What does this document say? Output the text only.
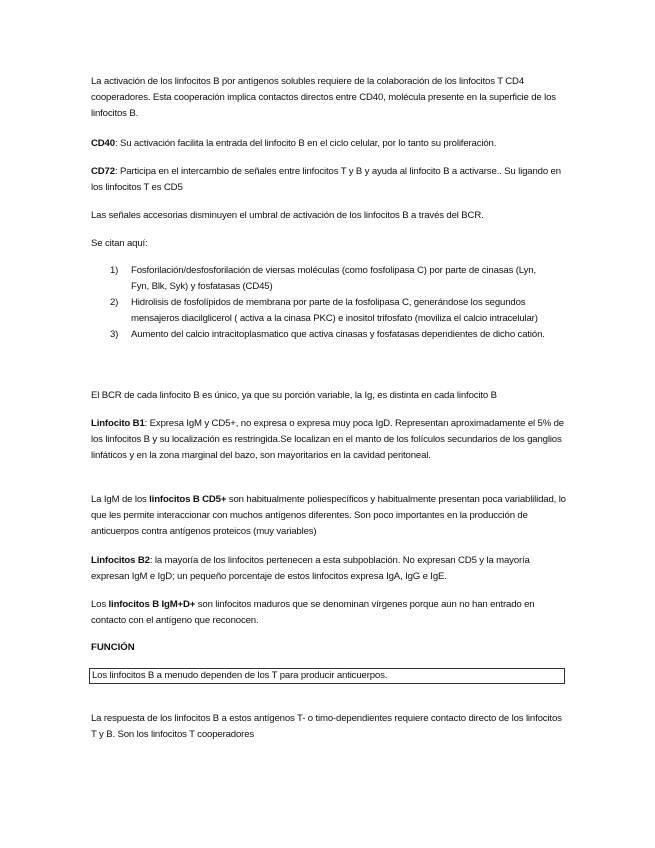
La activación de los linfocitos B por antígenos solubles requiere de la colaboración de los linfocitos T CD4 cooperadores. Esta cooperación implica contactos directos entre CD40, molécula presente en la superficie de los linfocitos B.

CD40: Su activación facilita la entrada del linfocito B en el ciclo celular, por lo tanto su proliferación.

CD72: Participa en el intercambio de señales entre linfocitos T y B y ayuda al linfocito B a activarse.. Su ligando en los linfocitos T es CD5

Las señales accesorias disminuyen el umbral de activación de los linfocitos B a través del BCR.

Se citan aquí:

1) Fosforilación/desfosforilación de viersas moléculas (como fosfolipasa C) por parte de cinasas (Lyn, Fyn, Blk, Syk) y fosfatasas (CD45)
2) Hidrolisis de fosfolípidos de membrana por parte de la fosfolipasa C, generándose los segundos mensajeros diacilglicerol ( activa a la cinasa PKC) e inositol trifosfato (moviliza el calcio intracelular)
3) Aumento del calcio intracitoplasmatico que activa cinasas y fosfatasas dependientes de dicho catión.

El BCR de cada linfocito B es único, ya que su porción variable, la Ig, es distinta en cada linfocito B

Linfocito B1: Expresa IgM y CD5+, no expresa o expresa muy poca IgD. Representan aproximadamente el 5% de los linfocitos B y su localización es restringida.Se localizan en el manto de los folículos secundarios de los ganglios linfáticos y en la zona marginal del bazo, son mayoritarios en la cavidad peritoneal.

La IgM de los linfocitos B CD5+ son habitualmente poliespecíficos y habitualmente presentan poca variablilidad, lo que les permite interaccionar con muchos antígenos diferentes. Son poco importantes en la producción de anticuerpos contra antígenos proteicos (muy variables)

Linfocitos B2: la mayoría de los linfocitos pertenecen a esta subpoblación. No expresan CD5 y la mayoría expresan IgM e IgD; un pequeño porcentaje de estos linfocitos expresa IgA, IgG e IgE.

Los linfocitos B IgM+D+ son linfocitos maduros que se denominan vírgenes porque aun no han entrado en contacto con el antígeno que reconocen.

FUNCIÓN
Los linfocitos B a menudo dependen de los T para producir anticuerpos.

La respuesta de los linfocitos B a estos antígenos T- o timo-dependientes requiere contacto directo de los linfocitos T y B. Son los linfocitos T cooperadores
